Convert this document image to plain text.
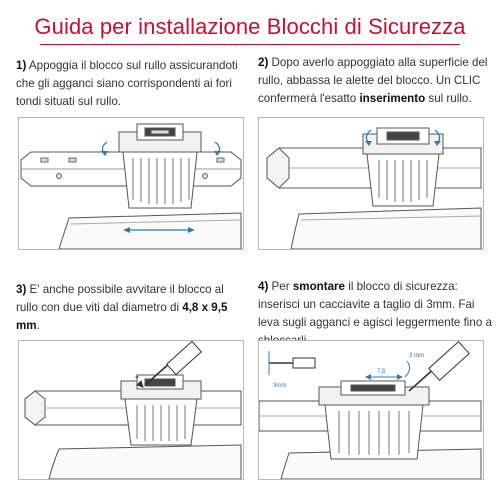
Guida per installazione Blocchi di Sicurezza
1) Appoggia il blocco sul rullo assicurandoti che gli agganci siano corrispondenti ai fori tondi situati sul rullo.
2) Dopo averlo appoggiato alla superficie del rullo, abbassa le alette del blocco. Un CLIC confermerà l'esatto inserimento sul rullo.
3) E' anche possibile avvitare il blocco al rullo con due viti dal diametro di 4,8 x 9,5 mm.
4) Per smontare il blocco di sicurezza: inserisci un cacciavite a taglio di 3mm. Fai leva sugli agganci e agisci leggermente fino a
3mm
7,5
3 mm
